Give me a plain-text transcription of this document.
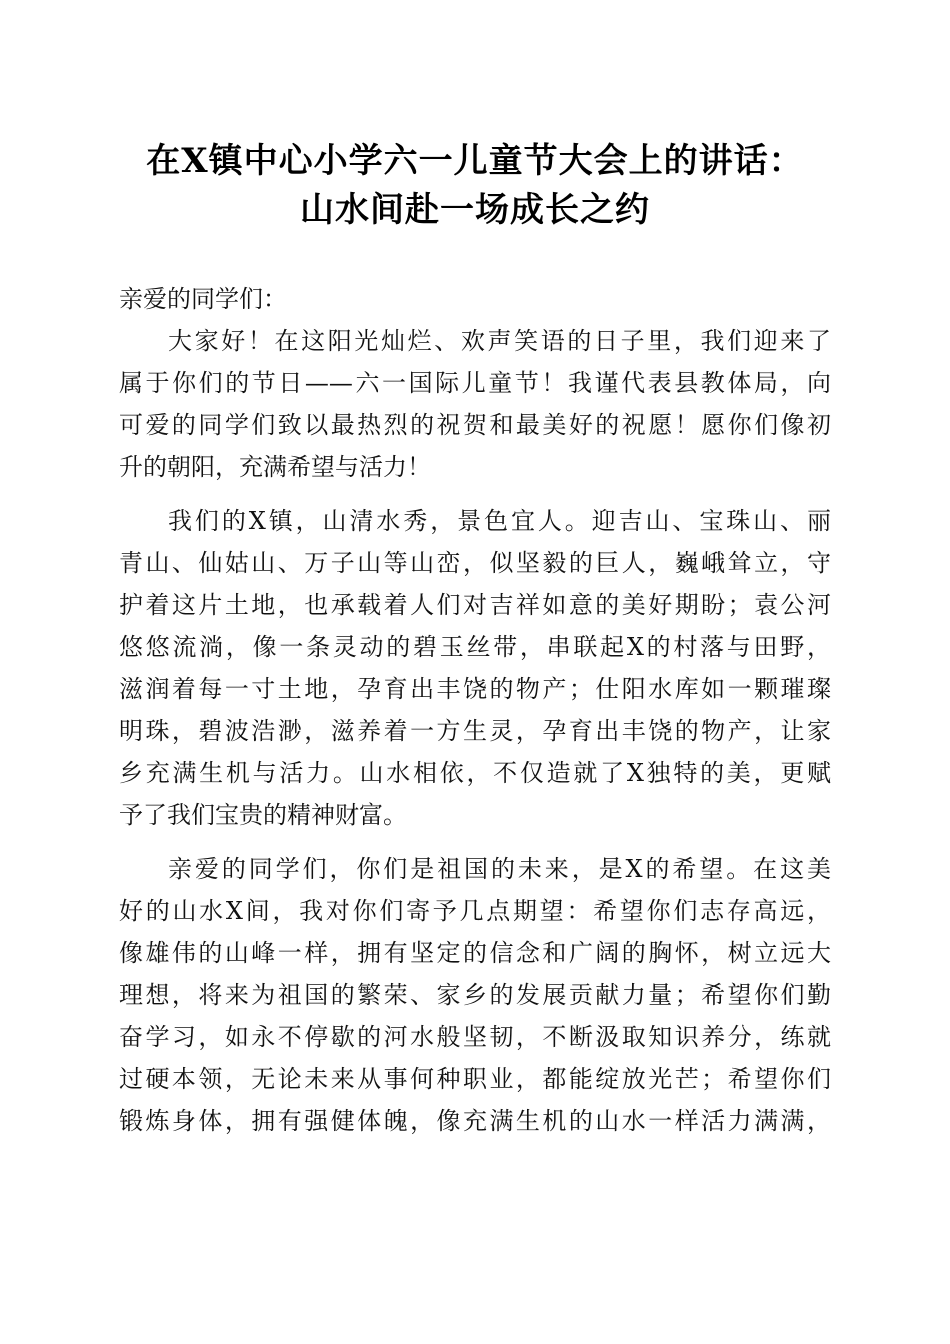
在X镇中心小学六一儿童节大会上的讲话：
山水间赴一场成长之约
亲爱的同学们：
大家好！在这阳光灿烂、欢声笑语的日子里，我们迎来了
属于你们的节日——六一国际儿童节！我谨代表县教体局，向
可爱的同学们致以最热烈的祝贺和最美好的祝愿！愿你们像初
升的朝阳，充满希望与活力！
我们的X镇，山清水秀，景色宜人。迎吉山、宝珠山、丽
青山、仙姑山、万子山等山峦，似坚毅的巨人，巍峨耸立，守
护着这片土地，也承载着人们对吉祥如意的美好期盼；袁公河
悠悠流淌，像一条灵动的碧玉丝带，串联起X的村落与田野，
滋润着每一寸土地，孕育出丰饶的物产；仕阳水库如一颗璀璨
明珠，碧波浩渺，滋养着一方生灵，孕育出丰饶的物产，让家
乡充满生机与活力。山水相依，不仅造就了X独特的美，更赋
予了我们宝贵的精神财富。
亲爱的同学们，你们是祖国的未来，是X的希望。在这美
好的山水X间，我对你们寄予几点期望：希望你们志存高远，
像雄伟的山峰一样，拥有坚定的信念和广阔的胸怀，树立远大
理想，将来为祖国的繁荣、家乡的发展贡献力量；希望你们勤
奋学习，如永不停歇的河水般坚韧，不断汲取知识养分，练就
过硬本领，无论未来从事何种职业，都能绽放光芒；希望你们
锻炼身体，拥有强健体魄，像充满生机的山水一样活力满满，
